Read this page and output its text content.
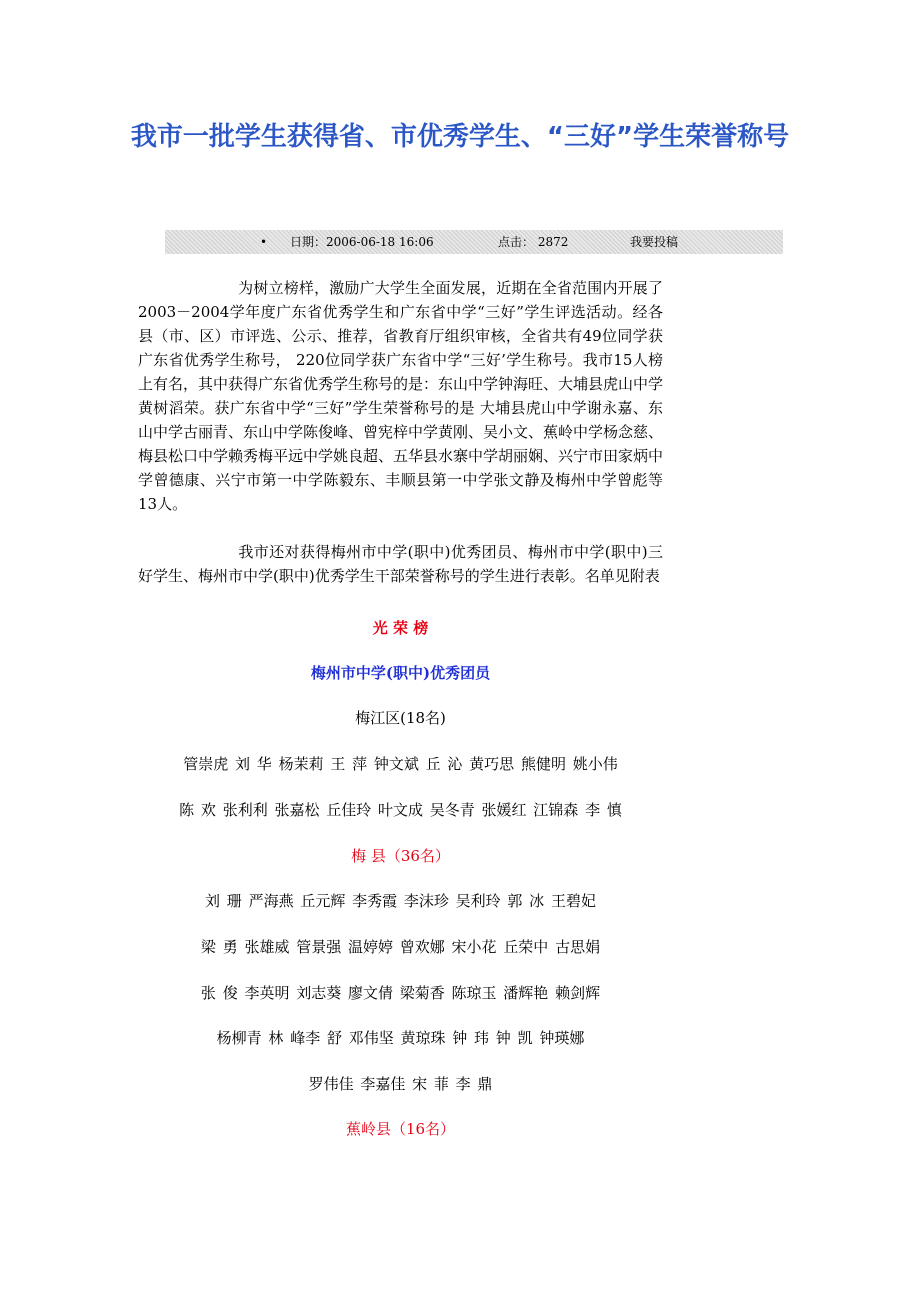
我市一批学生获得省、市优秀学生、“三好”学生荣誉称号
• 日期：2006-06-18 16:06	点击： 2872	我要投稿

为树立榜样，激励广大学生全面发展，近期在全省范围内开展了2003－2004学年度广东省优秀学生和广东省中学“三好”学生评选活动。经各县（市、区）市评选、公示、推荐，省教育厅组织审核，全省共有49位同学获广东省优秀学生称号， 220位同学获广东省中学“三好’学生称号。我市15人榜上有名，其中获得广东省优秀学生称号的是：东山中学钟海旺、大埔县虎山中学黄树滔荣。获广东省中学“三好”学生荣誉称号的是 大埔县虎山中学谢永嘉、东山中学古丽青、东山中学陈俊峰、曾宪梓中学黄刚、吴小文、蕉岭中学杨念慈、梅县松口中学赖秀梅平远中学姚良超、五华县水寨中学胡丽娴、兴宁市田家炳中学曾德康、兴宁市第一中学陈毅东、丰顺县第一中学张文静及梅州中学曾彪等13人。

我市还对获得梅州市中学(职中)优秀团员、梅州市中学(职中)三好学生、梅州市中学(职中)优秀学生干部荣誉称号的学生进行表彰。名单见附表

光 荣 榜
梅州市中学(职中)优秀团员
梅江区(18名)
管崇虎 刘 华 杨茉莉 王 萍 钟文斌 丘 沁 黄巧思 熊健明 姚小伟
陈 欢 张利利 张嘉松 丘佳玲 叶文成 吴冬青 张媛红 江锦森 李 慎
梅 县（36名）
刘 珊 严海燕 丘元辉 李秀霞 李沫珍 吴利玲 郭 冰 王碧妃
梁 勇 张雄威 管景强 温婷婷 曾欢娜 宋小花 丘荣中 古思娟
张 俊 李英明 刘志葵 廖文倩 梁菊香 陈琼玉 潘辉艳 赖剑辉
杨柳青 林 峰李 舒 邓伟坚 黄琼珠 钟 玮 钟 凯 钟瑛娜
罗伟佳 李嘉佳 宋 菲 李 鼎
蕉岭县（16名）
